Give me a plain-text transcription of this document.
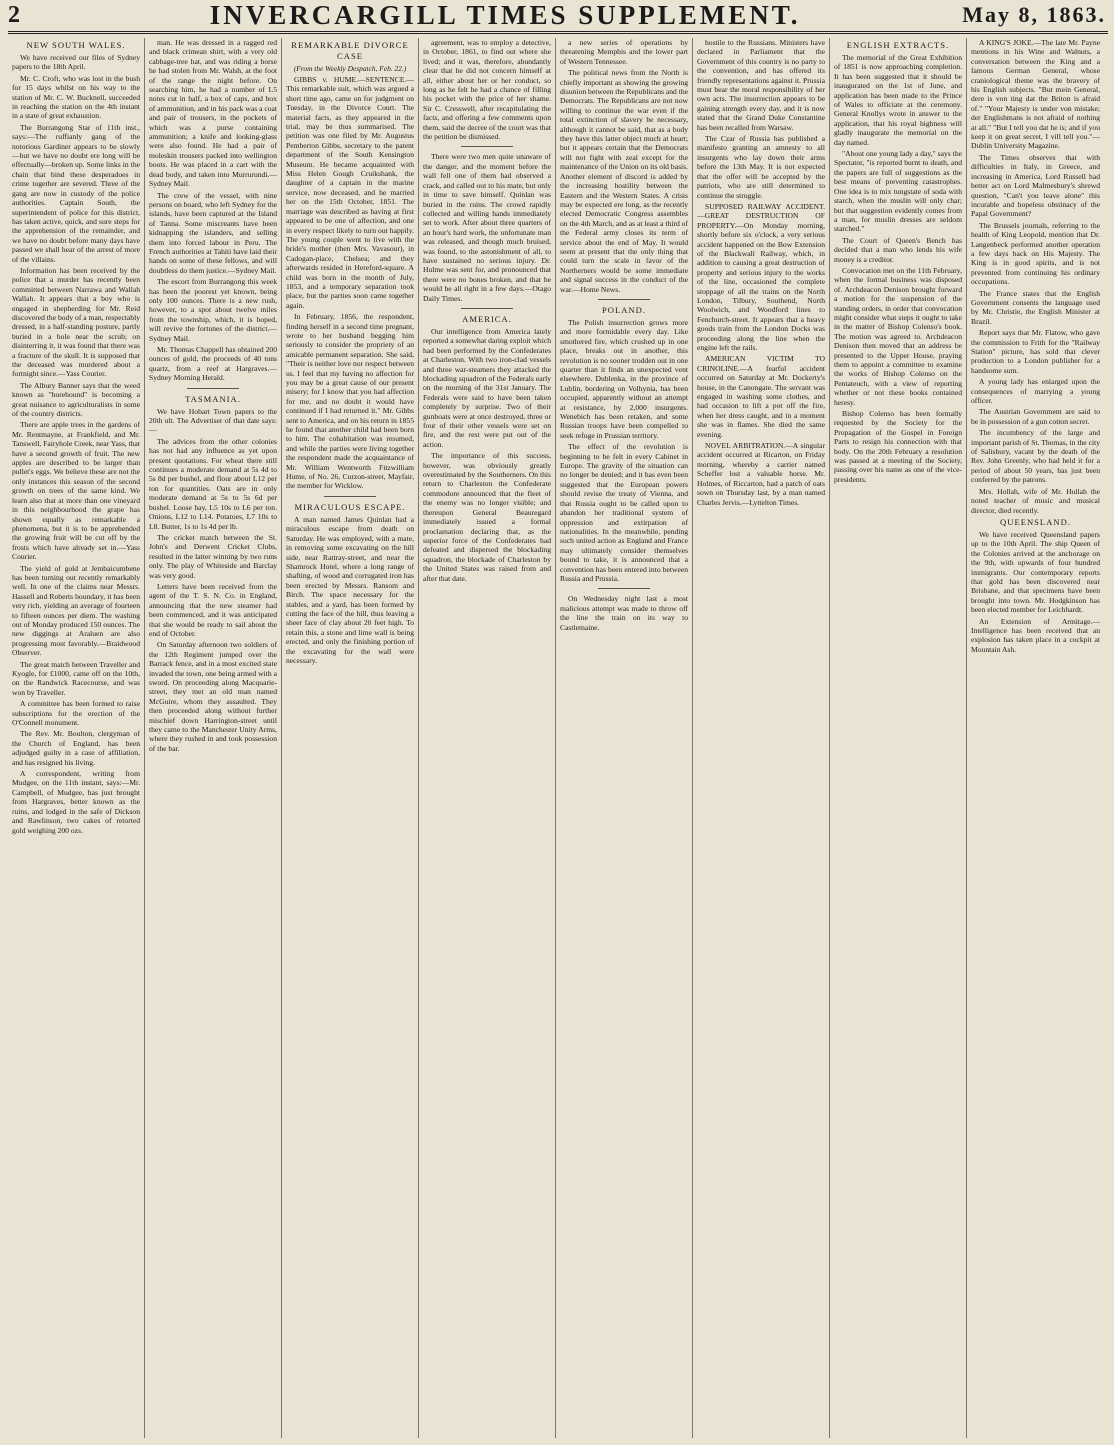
2	INVERCARGILL TIMES SUPPLEMENT.	May 8, 1863.
NEW SOUTH WALES.

We have received our files of Sydney papers to the 18th April.

Mr. C. Croft, who was lost in the bush for 15 days whilst on his way to the station of Mr. C. W. Bucknell, succeeded in reaching the station on the 4th instant in a state of great exhaustion.

The Burrangong Star of 11th inst., says:—The ruffianly gang of the notorious Gardiner appears to be slowly—but we have no doubt ere long will be effectually—broken up. Some links in the chain that bind these desperadoes in crime together are severed. Three of the gang are now in custody of the police authorities. Captain South, the superintendent of police for this district, has taken active, quick, and sure steps for the apprehension of the remainder, and we have no doubt before many days have passed we shall hear of the arrest of more of the villains.

Information has been received by the police that a murder has recently been committed between Narrawa and Wallah Wallah. It appears that a boy who is engaged in shepherding for Mr. Reid discovered the body of a man, respectably dressed, in a half-standing posture, partly buried in a hole near the scrub; on disinterring it, it was found that there was a fracture of the skull. It is supposed that the deceased was murdered about a fortnight since.—Yass Courier.

The Albury Banner says that the weed known as "horehound" is becoming a great nuisance to agriculturalists in some of the country districts.

There are apple trees in the gardens of Mr. Rentmayne, at Frankfield, and Mr. Tanswell, Fairyhole Creek, near Yass, that have a second growth of fruit. The new apples are described to be larger than pullet's eggs. We believe these are not the only instances this season of the second growth on trees of the same kind. We learn also that at more than one vineyard in this neighbourhood the grape has shown equally as remarkable a phenomena, but it is to be apprehended the growing fruit will be cut off by the frosts which have already set in.—Yass Courier.

The yield of gold at Jembaicumbene has been turning out recently remarkably well. In one of the claims near Messrs. Hassell and Roberts boundary, it has been very rich, yielding an average of fourteen to fifteen ounces per diem. The washing out of Monday produced 150 ounces. The new diggings at Araluen are also progressing most favorably.—Braidwood Observer.

The great match between Traveller and Kyogle, for £1000, came off on the 10th, on the Randwick Racecourse, and was won by Traveller.

A committee has been formed to raise subscriptions for the erection of the O'Connell monument.

The Rev. Mr. Boulton, clergyman of the Church of England, has been adjudged guilty in a case of affiliation, and has resigned his living.

A correspondent, writing from Mudgee, on the 11th instant, says:—Mr. Campbell, of Mudgee, has just brought from Hargraves, better known as the ruins, and lodged in the safe of Dickson and Rawlinson, two cakes of retorted gold weighing 200 ozs.

man. He was dressed in a ragged red and black crimean shirt, with a very old cabbage-tree hat, and was riding a horse he had stolen from Mr. Walsh, at the foot of the range the night before. On searching him, he had a number of L5 notes cut in half, a box of caps, and box of ammunition, and in his pack was a coat and pair of trousers, in the pockets of which was a purse containing ammunition; a knife and looking-glass were also found. He had a pair of moleskin trousers packed into wellington boots. He was placed in a cart with the dead body, and taken into Murrurundi.—Sydney Mail.

The crew of the vessel, with nine persons on board, who left Sydney for the islands, have been captured at the Island of Tanna. Some miscreants have been kidnapping the islanders, and selling them into forced labour in Peru. The French authorities at Tahiti have laid their hands on some of these fellows, and will doubtless do them justice.—Sydney Mail.

The escort from Burrangong this week has been the poorest yet known, being only 100 ounces. There is a new rush, however, to a spot about twelve miles from the township, which, it is hoped, will revive the fortunes of the district.—Sydney Mail.

Mr. Thomas Chappell has obtained 200 ounces of gold, the proceeds of 40 tons quartz, from a reef at Hargraves.—Sydney Morning Herald.

TASMANIA.

We have Hobart Town papers to the 20th ult. The Advertiser of that date says:—

The advices from the other colonies has not had any influence as yet upon present quotations. For wheat there still continues a moderate demand at 5s 4d to 5s 8d per bushel, and flour about L12 per ton for quantities. Oats are in only moderate demand at 5s to 5s 6d per bushel. Loose hay, L5 10s to L6 per ton. Onions, L12 to L14. Potatoes, L7 10s to L8. Butter, 1s to 1s 4d per lb.

The cricket match between the St. John's and Derwent Cricket Clubs, resulted in the latter winning by two runs only. The play of Whiteside and Barclay was very good.

Letters have been received from the agent of the T. S. N. Co. in England, announcing that the new steamer had been commenced, and it was anticipated that she would be ready to sail about the end of October.

On Saturday afternoon two soldiers of the 12th Regiment jumped over the Barrack fence, and in a most excited state invaded the town, one being armed with a sword. On proceeding along Macquarie-street, they met an old man named McGuire, whom they assaulted. They then proceeded along without further mischief down Harrington-street until they came to the Manchester Unity Arms, where they rushed in and took possession of the bar.

REMARKABLE DIVORCE CASE
(From the Weekly Despatch, Feb. 22.)

GIBBS v. HUME.—SENTENCE.—This remarkable suit, which was argued a short time ago, came on for judgment on Tuesday, in the Divorce Court. The material facts, as they appeared in the trial, may be thus summarised. The petition was one filed by Mr. Augustus Pemberton Gibbs, secretary to the patent department of the South Kensington Museum. He became acquainted with Miss Helen Gough Cruikshank, the daughter of a captain in the marine service, now deceased, and he married her on the 15th October, 1851. The marriage was described as having at first appeared to be one of affection, and one in every respect likely to turn out happily. The young couple went to live with the bride's mother (then Mrs. Vavasour), in Cadogan-place, Chelsea; and they afterwards resided in Hereford-square. A child was born in the month of July, 1853, and a temporary separation took place, but the parties soon came together again.

In February, 1856, the respondent, finding herself in a second time pregnant, wrote to her husband begging him seriously to consider the propriety of an amicable permanent separation. She said, "Their is neither love nor respect between us. I feel that my having no affection for you may be a great cause of our present misery; for I know that you had affection for me, and no doubt it would have continued if I had returned it." Mr. Gibbs sent to America, and on his return in 1855 he found that another child had been born to him. The cohabitation was resumed, and while the parties were living together the respondent made the acquaintance of Mr. William Wentworth Fitzwilliam Hume, of No. 26, Curzon-street, Mayfair, the member for Wicklow.

MIRACULOUS ESCAPE.

A man named James Quinlan had a miraculous escape from death on Saturday. He was employed, with a mate, in removing some excavating on the hill side, near Rattray-street, and near the Shamrock Hotel, where a long range of shafting, of wood and corrugated iron has been erected by Messrs. Ransom and Birch. The space necessary for the stables, and a yard, has been formed by cutting the face of the hill, thus leaving a sheer face of clay about 20 feet high. To retain this, a stone and lime wall is being erected, and only the finishing portion of the excavating for the wall were necessary.

agreement, was to employ a detective, in October, 1861, to find out where she lived; and it was, therefore, abundantly clear that he did not concern himself at all, either about her or her conduct, so long as he felt he had a chance of filling his pocket with the price of her shame. Sir C. Cresswell, after recapitulating the facts, and offering a few comments upon them, said the decree of the court was that the petition be dismissed.

There were two men quite unaware of the danger, and the moment before the wall fell one of them had observed a crack, and called out to his mate, but only in time to save himself. Quinlan was buried in the ruins. The crowd rapidly collected and willing hands immediately set to work. After about three quarters of an hour's hard work, the unfortunate man was released, and though much bruised, was found, to the astonishment of all, to have sustained no serious injury. Dr. Hulme was sent for, and pronounced that there were no bones broken, and that he would be all right in a few days.—Otago Daily Times.

AMERICA.

Our intelligence from America lately reported a somewhat daring exploit which had been performed by the Confederates at Charleston. With two iron-clad vessels and three war-steamers they attacked the blockading squadron of the Federals early on the morning of the 31st January. The Federals were said to have been taken completely by surprise. Two of their gunboats were at once destroyed, three or four of their other vessels were set on fire, and the rest were put out of the action.

The importance of this success, however, was obviously greatly overestimated by the Southerners. On this return to Charleston the Confederate commodore announced that the fleet of the enemy was no longer visible; and thereupon General Beauregard immediately issued a formal proclamation declaring that, as the superior force of the Confederates had defeated and dispersed the blockading squadron, the blockade of Charleston by the United States was raised from and after that date.

a new series of operations by threatening Memphis and the lower part of Western Tennessee.

The political news from the North is chiefly important as showing the growing disunion between the Republicans and the Democrats. The Republicans are not now willing to continue the war even if the total extinction of slavery be necessary, although it cannot be said, that as a body they have this latter object much at heart; but it appears certain that the Democrats will not fight with zeal except for the maintenance of the Union on its old basis. Another element of discord is added by the increasing hostility between the Eastern and the Western States. A crisis may be expected ere long, as the recently elected Democratic Congress assembles on the 4th March, and as at least a third of the Federal army closes its term of service about the end of May. It would seem at present that the only thing that could turn the scale in favor of the Northerners would be some immediate and signal success in the conduct of the war.—Home News.

POLAND.

The Polish insurrection grows more and more formidable every day. Like smothered fire, which crushed up in one place, breaks out in another, this revolution is no sooner trodden out in one quarter than it finds an unexpected vent elsewhere. Dublenka, in the province of Lublin, bordering on Volhynia, has been occupied, apparently without an attempt at resistance, by 2,000 insurgents. Wenebich has been retaken, and some Russian troops have been compelled to seek refuge in Prussian territory.

The effect of the revolution is beginning to be felt in every Cabinet in Europe. The gravity of the situation can no longer be denied; and it has even been suggested that the European powers should revise the treaty of Vienna, and that Russia ought to be called upon to abandon her traditional system of oppression and extirpation of nationalities. In the meanwhile, pending such united action as England and France may ultimately consider themselves bound to take, it is announced that a convention has been entered into between Russia and Prussia.

On Wednesday night last a most malicious attempt was made to throw off the line the train on its way to Castlemaine.

hostile to the Russians. Ministers have declared in Parliament that the Government of this country is no party to the convention, and has offered its friendly representations against it. Prussia must bear the moral responsibility of her own acts. The insurrection appears to be gaining strength every day, and it is now stated that the Grand Duke Constantine has been recalled from Warsaw.

The Czar of Russia has published a manifesto granting an amnesty to all insurgents who lay down their arms before the 13th May. It is not expected that the offer will be accepted by the patriots, who are still determined to continue the struggle.

SUPPOSED RAILWAY ACCIDENT.—GREAT DESTRUCTION OF PROPERTY.—On Monday morning, shortly before six o'clock, a very serious accident happened on the Bow Extension of the Blackwall Railway, which, in addition to causing a great destruction of property and serious injury to the works of the line, occasioned the complete stoppage of all the trains on the North London, Tilbury, Southend, North Woolwich, and Woodford lines to Fenchurch-street. It appears that a heavy goods train from the London Docks was proceeding along the line when the engine left the rails.

AMERICAN VICTIM TO CRINOLINE.—A fearful accident occurred on Saturday at Mr. Dockerty's house, in the Canongate. The servant was engaged in washing some clothes, and had occasion to lift a pot off the fire, when her dress caught, and in a moment she was in flames. She died the same evening.

NOVEL ARBITRATION.—A singular accident occurred at Ricarton, on Friday morning, whereby a carrier named Scheffer lost a valuable horse. Mr. Holmes, of Riccarton, had a patch of oats sown on Thursday last, by a man named Charles Jervis.—Lyttelton Times.

ENGLISH EXTRACTS.

The memorial of the Great Exhibition of 1851 is now approaching completion. It has been suggested that it should be inaugurated on the 1st of June, and application has been made to the Prince of Wales to officiate at the ceremony. General Knollys wrote in answer to the application, that his royal highness will gladly inaugurate the memorial on the day named.

"About one young lady a day," says the Spectator, "is reported burnt to death, and the papers are full of suggestions as the best means of preventing catastrophes. One idea is to mix tungstate of soda with starch, when the muslin will only char; but that suggestion evidently comes from a man, for muslin dresses are seldom starched."

The Court of Queen's Bench has decided that a man who lends his wife money is a creditor.

Convocation met on the 11th February, when the formal business was disposed of. Archdeacon Denison brought forward a motion for the suspension of the standing orders, in order that convocation might consider what steps it ought to take in the matter of Bishop Colenso's book. The motion was agreed to. Archdeacon Denison then moved that an address be presented to the Upper House, praying them to appoint a committee to examine the works of Bishop Colenso on the Pentateuch, with a view of reporting whether or not these books contained heresy.

Bishop Colenso has been formally requested by the Society for the Propagation of the Gospel in Foreign Parts to resign his connection with that body. On the 20th February a resolution was passed at a meeting of the Society, passing over his name as one of the vice-presidents.

A KING'S JOKE.—The late Mr. Payne mentions in his Wine and Walnuts, a conversation between the King and a famous German General, whose craniological theme was the bravery of his English subjects. "But mein General, dere is von ting dat the Briton is afraid of." "Your Majesty is under von mistake; der Englishmans is not afraid of nothing at all." "But I tell you dat he is; and if you keep it on great secret, I vill tell you."—Dublin University Magazine.

The Times observes that with difficulties in Italy, in Greece, and increasing in America, Lord Russell had better act on Lord Malmesbury's shrewd question, "Can't you leave alone" this incurable and hopeless obstinacy of the Papal Government?

The Brussels journals, referring to the health of King Leopold, mention that Dr. Langenbeck performed another operation a few days back on His Majesty. The King is in good spirits, and is not prevented from continuing his ordinary occupations.

The France states that the English Government consents the language used by Mr. Christie, the English Minister at Brazil.

Report says that Mr. Flatow, who gave the commission to Frith for the "Railway Station" picture, has sold that clever production to a London publisher for a handsome sum.

A young lady has enlarged upon the consequences of marrying a young officer.

The Austrian Government are said to be in possession of a gun cotton secret.

The incumbency of the large and important parish of St. Thomas, in the city of Salisbury, vacant by the death of the Rev. John Greenly, who had held it for a period of about 50 years, has just been conferred by the patrons.

Mrs. Hollah, wife of Mr. Hullah the noted teacher of music and musical director, died recently.

QUEENSLAND.

We have received Queensland papers up to the 10th April. The ship Queen of the Colonies arrived at the anchorage on the 9th, with upwards of four hundred immigrants. Our contemporary reports that gold has been discovered near Brisbane, and that specimens have been brought into town. Mr. Hodgkinson has been elected member for Leichhardt.

An Extension of Armitage.—Intelligence has been received that an explosion has taken place in a cockpit at Mountain Ash.
